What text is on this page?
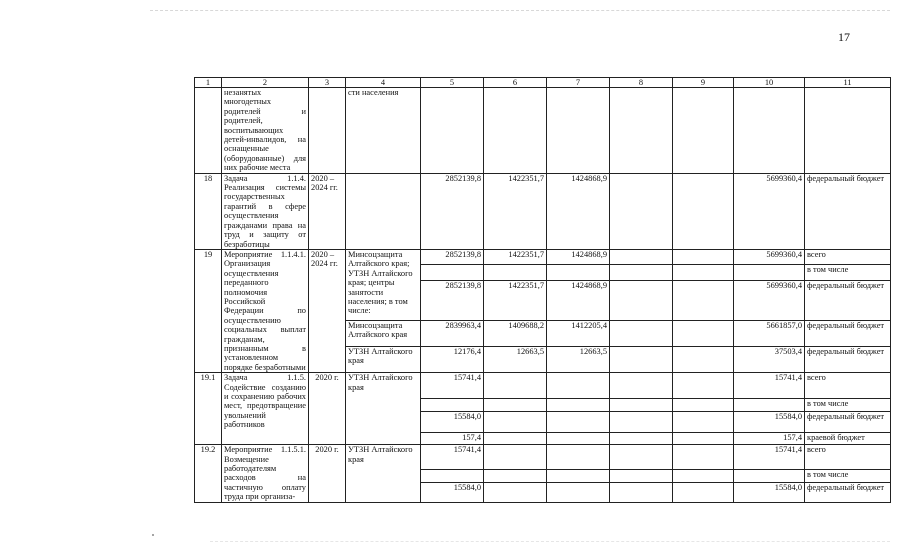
17
1	2	3	4	5	6	7	8	9	10	11
	незанятых многодетных родителей и родителей, воспитывающих детей-инвалидов, на оснащенные (оборудованные) для них рабочие места		сти населения							
18	Задача 1.1.4. Реализация системы государственных гарантий в сфере осуществления гражданами права на труд и защиту от безработицы	2020 – 2024 гг.		2852139,8	1422351,7	1424868,9			5699360,4	федеральный бюджет
19	Мероприятие 1.1.4.1. Организация осуществления переданного полномочия Российской Федерации по осуществлению социальных выплат гражданам, признанным в установленном порядке безработными	2020 – 2024 гг.	Минсоцзащита Алтайского края; УТЗН Алтайского края; центры занятости населения; в том числе:	2852139,8	1422351,7	1424868,9			5699360,4	всего
										в том числе
				2852139,8	1422351,7	1424868,9			5699360,4	федеральный бюджет
			Минсоцзащита Алтайского края	2839963,4	1409688,2	1412205,4			5661857,0	федеральный бюджет
			УТЗН Алтайского края	12176,4	12663,5	12663,5			37503,4	федеральный бюджет
19.1	Задача 1.1.5. Содействие созданию и сохранению рабочих мест, предотвращение увольнений работников	2020 г.	УТЗН Алтайского края	15741,4					15741,4	всего
										в том числе
				15584,0					15584,0	федеральный бюджет
				157,4					157,4	краевой бюджет
19.2	Мероприятие 1.1.5.1. Возмещение работодателям расходов на частичную оплату труда при организа-	2020 г.	УТЗН Алтайского края	15741,4					15741,4	всего
										в том числе
				15584,0					15584,0	федеральный бюджет
